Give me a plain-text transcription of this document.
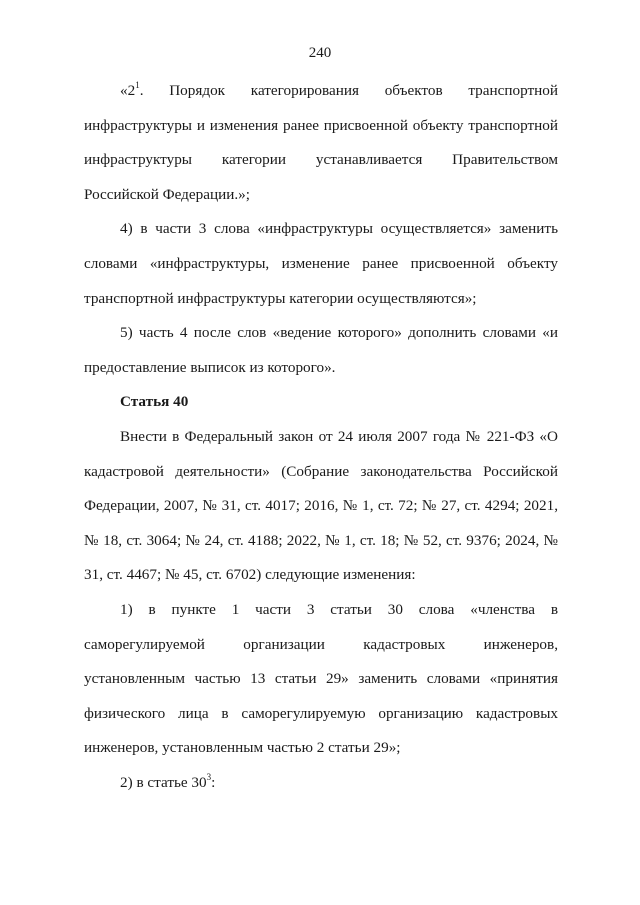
240

«$2^1$. Порядок категорирования объектов транспортной инфраструктуры и изменения ранее присвоенной объекту транспортной инфраструктуры категории устанавливается Правительством Российской Федерации.»;

4) в части 3 слова «инфраструктуры осуществляется» заменить словами «инфраструктуры, изменение ранее присвоенной объекту транспортной инфраструктуры категории осуществляются»;

5) часть 4 после слов «ведение которого» дополнить словами «и предоставление выписок из которого».

Статья 40

Внести в Федеральный закон от 24 июля 2007 года № 221-ФЗ «О кадастровой деятельности» (Собрание законодательства Российской Федерации, 2007, № 31, ст. 4017; 2016, № 1, ст. 72; № 27, ст. 4294; 2021, № 18, ст. 3064; № 24, ст. 4188; 2022, № 1, ст. 18; № 52, ст. 9376; 2024, № 31, ст. 4467; № 45, ст. 6702) следующие изменения:

1) в пункте 1 части 3 статьи 30 слова «членства в саморегулируемой организации кадастровых инженеров, установленным частью 13 статьи 29» заменить словами «принятия физического лица в саморегулируемую организацию кадастровых инженеров, установленным частью 2 статьи 29»;

2) в статье $30^3$:
